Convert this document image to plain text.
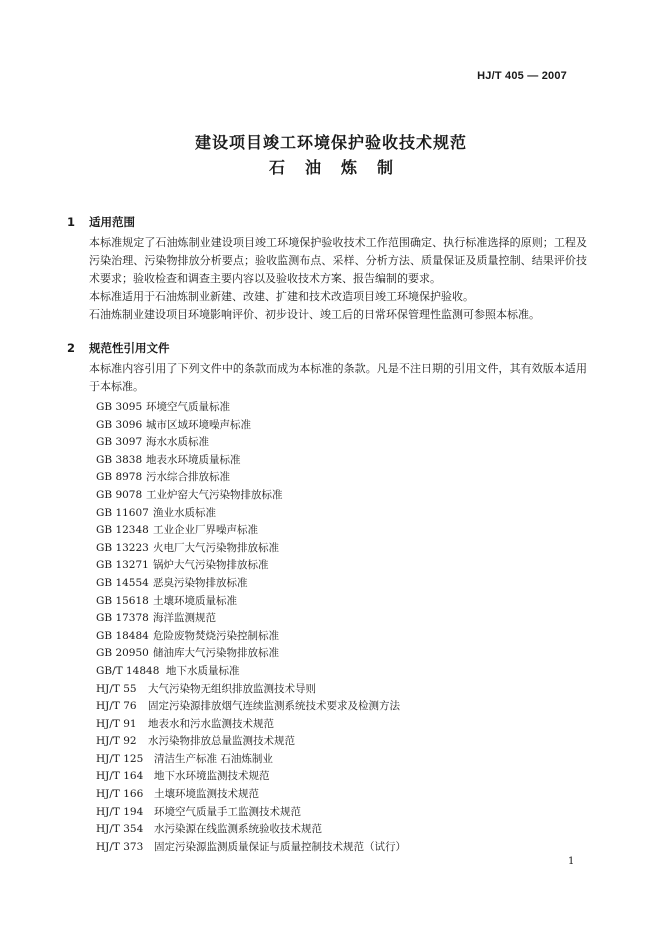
HJ/T 405 — 2007
建设项目竣工环境保护验收技术规范
石油炼制
1 适用范围
本标准规定了石油炼制业建设项目竣工环境保护验收技术工作范围确定、执行标准选择的原则；工程及污染治理、污染物排放分析要点；验收监测布点、采样、分析方法、质量保证及质量控制、结果评价技术要求；验收检查和调查主要内容以及验收技术方案、报告编制的要求。
本标准适用于石油炼制业新建、改建、扩建和技术改造项目竣工环境保护验收。
石油炼制业建设项目环境影响评价、初步设计、竣工后的日常环保管理性监测可参照本标准。
2 规范性引用文件
本标准内容引用了下列文件中的条款而成为本标准的条款。凡是不注日期的引用文件，其有效版本适用于本标准。
GB 3095 环境空气质量标准
GB 3096 城市区域环境噪声标准
GB 3097 海水水质标准
GB 3838 地表水环境质量标准
GB 8978 污水综合排放标准
GB 9078 工业炉窑大气污染物排放标准
GB 11607 渔业水质标准
GB 12348 工业企业厂界噪声标准
GB 13223 火电厂大气污染物排放标准
GB 13271 锅炉大气污染物排放标准
GB 14554 恶臭污染物排放标准
GB 15618 土壤环境质量标准
GB 17378 海洋监测规范
GB 18484 危险废物焚烧污染控制标准
GB 20950 储油库大气污染物排放标准
GB/T 14848 地下水质量标准
HJ/T 55 大气污染物无组织排放监测技术导则
HJ/T 76 固定污染源排放烟气连续监测系统技术要求及检测方法
HJ/T 91 地表水和污水监测技术规范
HJ/T 92 水污染物排放总量监测技术规范
HJ/T 125 清洁生产标准 石油炼制业
HJ/T 164 地下水环境监测技术规范
HJ/T 166 土壤环境监测技术规范
HJ/T 194 环境空气质量手工监测技术规范
HJ/T 354 水污染源在线监测系统验收技术规范
HJ/T 373 固定污染源监测质量保证与质量控制技术规范（试行）
1
